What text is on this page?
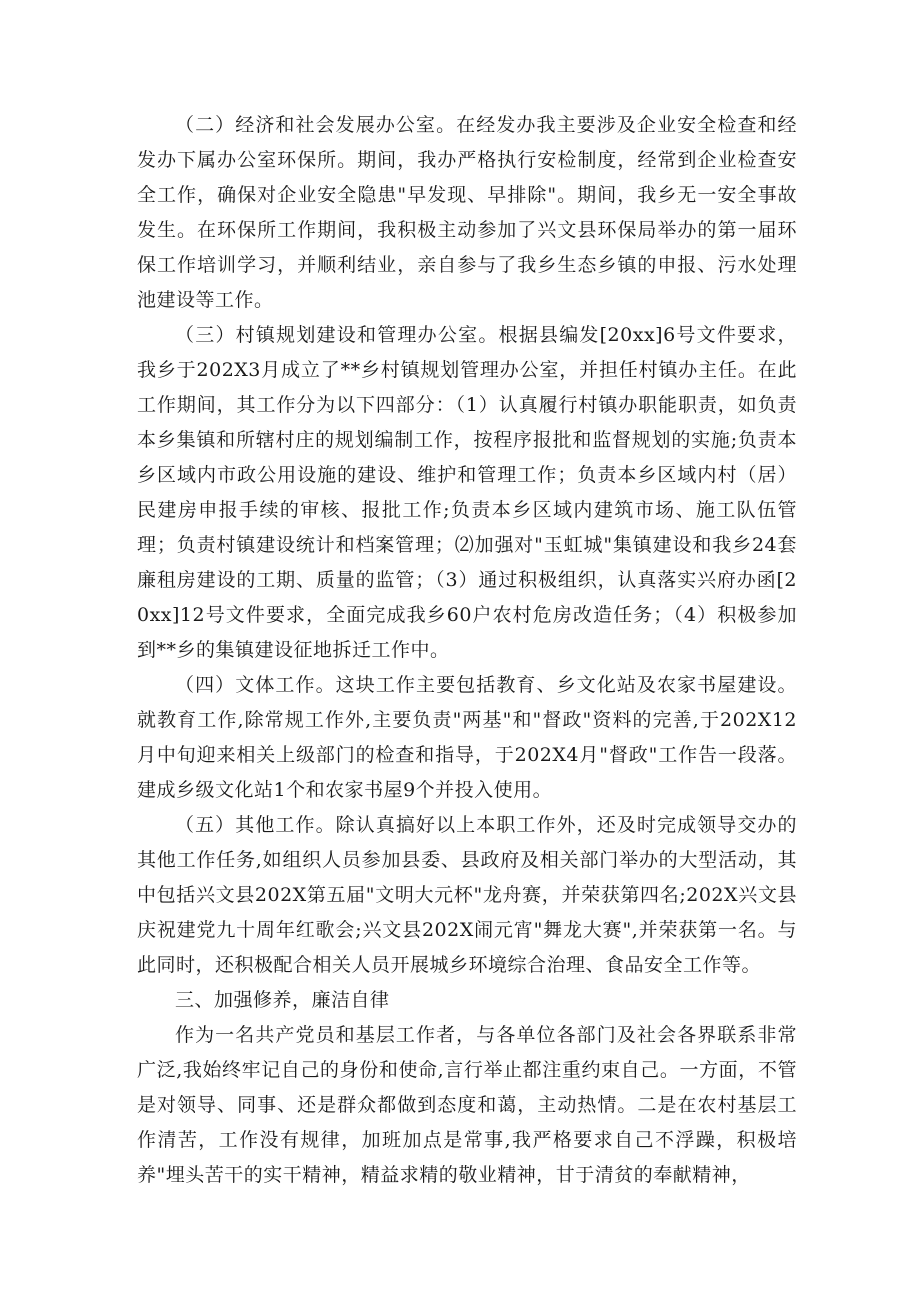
（二）经济和社会发展办公室。在经发办我主要涉及企业安全检查和经发办下属办公室环保所。期间，我办严格执行安检制度，经常到企业检查安全工作，确保对企业安全隐患"早发现、早排除"。期间，我乡无一安全事故发生。在环保所工作期间，我积极主动参加了兴文县环保局举办的第一届环保工作培训学习，并顺利结业，亲自参与了我乡生态乡镇的申报、污水处理池建设等工作。

（三）村镇规划建设和管理办公室。根据县编发[20xx]6号文件要求，我乡于202X3月成立了**乡村镇规划管理办公室，并担任村镇办主任。在此工作期间，其工作分为以下四部分：（1）认真履行村镇办职能职责，如负责本乡集镇和所辖村庄的规划编制工作，按程序报批和监督规划的实施;负责本乡区域内市政公用设施的建设、维护和管理工作；负责本乡区域内村（居）民建房申报手续的审核、报批工作;负责本乡区域内建筑市场、施工队伍管理；负责村镇建设统计和档案管理；⑵加强对"玉虹城"集镇建设和我乡24套廉租房建设的工期、质量的监管；（3）通过积极组织，认真落实兴府办函[20xx]12号文件要求，全面完成我乡60户农村危房改造任务；（4）积极参加到**乡的集镇建设征地拆迁工作中。

（四）文体工作。这块工作主要包括教育、乡文化站及农家书屋建设。就教育工作,除常规工作外,主要负责"两基"和"督政"资料的完善,于202X12月中旬迎来相关上级部门的检查和指导，于202X4月"督政"工作告一段落。建成乡级文化站1个和农家书屋9个并投入使用。

（五）其他工作。除认真搞好以上本职工作外，还及时完成领导交办的其他工作任务,如组织人员参加县委、县政府及相关部门举办的大型活动，其中包括兴文县202X第五届"文明大元杯"龙舟赛，并荣获第四名;202X兴文县庆祝建党九十周年红歌会;兴文县202X闹元宵"舞龙大赛",并荣获第一名。与此同时，还积极配合相关人员开展城乡环境综合治理、食品安全工作等。

三、加强修养，廉洁自律

作为一名共产党员和基层工作者，与各单位各部门及社会各界联系非常广泛,我始终牢记自己的身份和使命,言行举止都注重约束自己。一方面，不管是对领导、同事、还是群众都做到态度和蔼，主动热情。二是在农村基层工作清苦，工作没有规律，加班加点是常事,我严格要求自己不浮躁，积极培养"埋头苦干的实干精神，精益求精的敬业精神，甘于清贫的奉献精神，
